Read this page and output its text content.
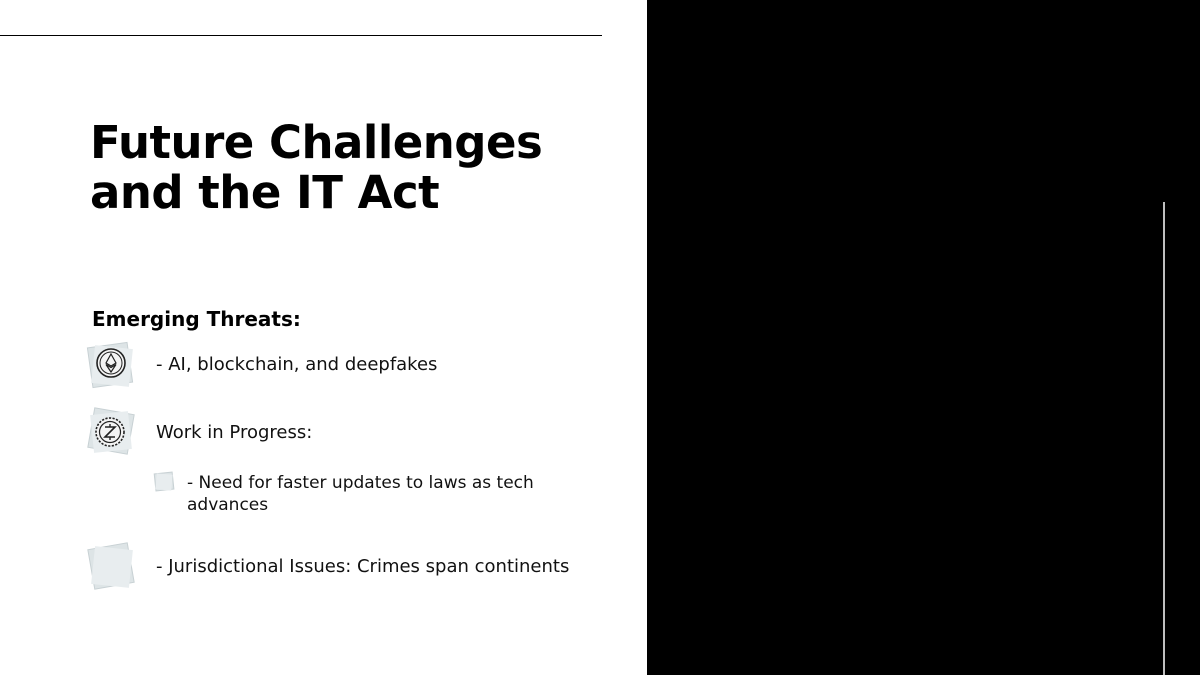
Future Challenges
and the IT Act
Emerging Threats:
- AI, blockchain, and deepfakes
Work in Progress:
- Need for faster updates to laws as tech advances
- Jurisdictional Issues: Crimes span continents
